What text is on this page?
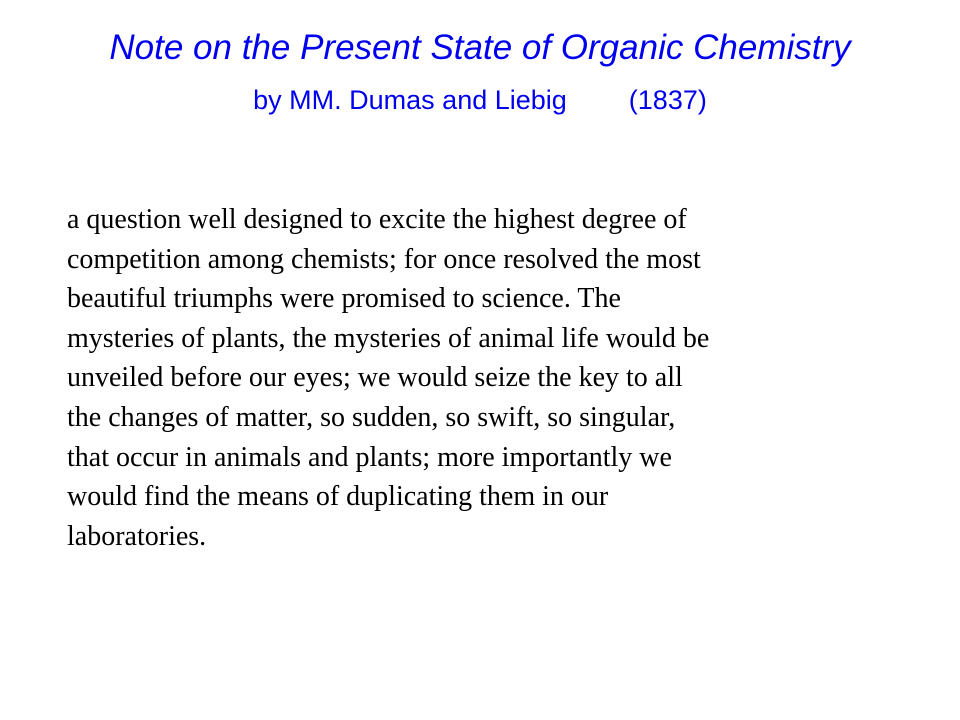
Note on the Present State of Organic Chemistry
by MM. Dumas and Liebig (1837)
a question well designed to excite the highest degree of
competition among chemists; for once resolved the most
beautiful triumphs were promised to science. The
mysteries of plants, the mysteries of animal life would be
unveiled before our eyes; we would seize the key to all
the changes of matter, so sudden, so swift, so singular,
that occur in animals and plants; more importantly we
would find the means of duplicating them in our
laboratories.
